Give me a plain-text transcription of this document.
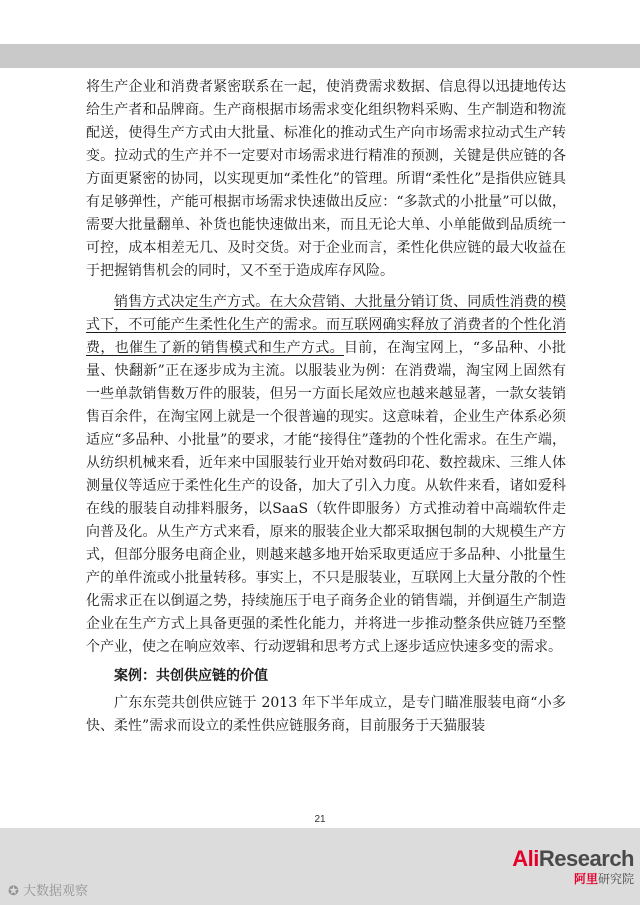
将生产企业和消费者紧密联系在一起，使消费需求数据、信息得以迅捷地传达给生产者和品牌商。生产商根据市场需求变化组织物料采购、生产制造和物流配送，使得生产方式由大批量、标准化的推动式生产向市场需求拉动式生产转变。拉动式的生产并不一定要对市场需求进行精准的预测，关键是供应链的各方面更紧密的协同，以实现更加“柔性化”的管理。所谓“柔性化”是指供应链具有足够弹性，产能可根据市场需求快速做出反应：“多款式的小批量”可以做，需要大批量翻单、补货也能快速做出来，而且无论大单、小单能做到品质统一可控，成本相差无几、及时交货。对于企业而言，柔性化供应链的最大收益在于把握销售机会的同时，又不至于造成库存风险。

销售方式决定生产方式。在大众营销、大批量分销订货、同质性消费的模式下，不可能产生柔性化生产的需求。而互联网确实释放了消费者的个性化消费，也催生了新的销售模式和生产方式。目前，在淘宝网上，“多品种、小批量、快翻新”正在逐步成为主流。以服装业为例：在消费端，淘宝网上固然有一些单款销售数万件的服装，但另一方面长尾效应也越来越显著，一款女装销售百余件，在淘宝网上就是一个很普遍的现实。这意味着，企业生产体系必须适应“多品种、小批量”的要求，才能“接得住”蓬勃的个性化需求。在生产端，从纺织机械来看，近年来中国服装行业开始对数码印花、数控裁床、三维人体测量仪等适应于柔性化生产的设备，加大了引入力度。从软件来看，诸如爱科在线的服装自动排料服务，以SaaS（软件即服务）方式推动着中高端软件走向普及化。从生产方式来看，原来的服装企业大都采取捆包制的大规模生产方式，但部分服务电商企业，则越来越多地开始采取更适应于多品种、小批量生产的单件流或小批量转移。事实上，不只是服装业，互联网上大量分散的个性化需求正在以倒逼之势，持续施压于电子商务企业的销售端，并倒逼生产制造企业在生产方式上具备更强的柔性化能力，并将进一步推动整条供应链乃至整个产业，使之在响应效率、行动逻辑和思考方式上逐步适应快速多变的需求。

案例：共创供应链的价值

广东东莞共创供应链于 2013 年下半年成立，是专门瞄准服装电商“小多快、柔性”需求而设立的柔性供应链服务商，目前服务于天猫服装

21
AliResearch
阿里研究院
✪ 大数据观察
